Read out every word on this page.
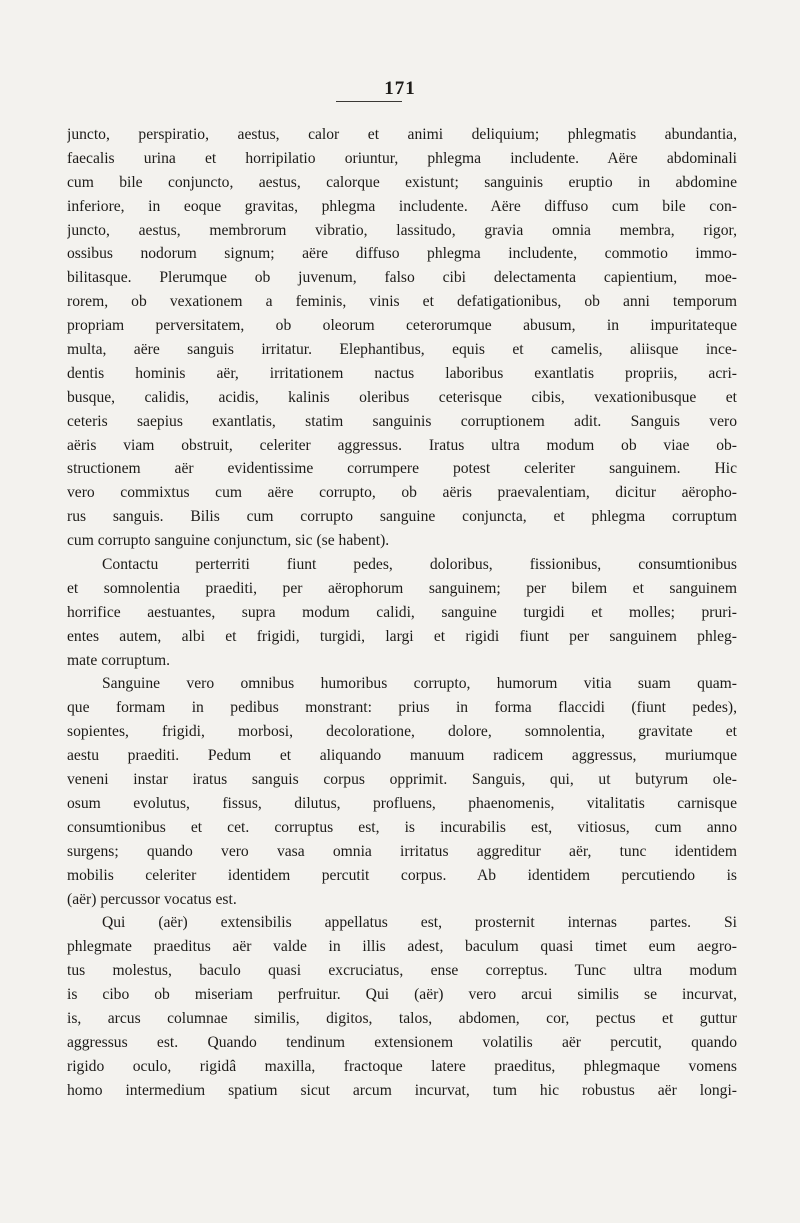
171
juncto, perspiratio, aestus, calor et animi deliquium; phlegmatis abundantia,
faecalis urina et horripilatio oriuntur, phlegma includente. Aëre abdominali
cum bile conjuncto, aestus, calorque existunt; sanguinis eruptio in abdomine
inferiore, in eoque gravitas, phlegma includente. Aëre diffuso cum bile con-
juncto, aestus, membrorum vibratio, lassitudo, gravia omnia membra, rigor,
ossibus nodorum signum; aëre diffuso phlegma includente, commotio immo-
bilitasque. Plerumque ob juvenum, falso cibi delectamenta capientium, moe-
rorem, ob vexationem a feminis, vinis et defatigationibus, ob anni temporum
propriam perversitatem, ob oleorum ceterorumque abusum, in impuritateque
multa, aëre sanguis irritatur. Elephantibus, equis et camelis, aliisque ince-
dentis hominis aër, irritationem nactus laboribus exantlatis propriis, acri-
busque, calidis, acidis, kalinis oleribus ceterisque cibis, vexationibusque et
ceteris saepius exantlatis, statim sanguinis corruptionem adit. Sanguis vero
aëris viam obstruit, celeriter aggressus. Iratus ultra modum ob viae ob-
structionem aër evidentissime corrumpere potest celeriter sanguinem. Hic
vero commixtus cum aëre corrupto, ob aëris praevalentiam, dicitur aëropho-
rus sanguis. Bilis cum corrupto sanguine conjuncta, et phlegma corruptum
cum corrupto sanguine conjunctum, sic (se habent).
Contactu perterriti fiunt pedes, doloribus, fissionibus, consumtionibus
et somnolentia praediti, per aërophorum sanguinem; per bilem et sanguinem
horrifice aestuantes, supra modum calidi, sanguine turgidi et molles; pruri-
entes autem, albi et frigidi, turgidi, largi et rigidi fiunt per sanguinem phleg-
mate corruptum.
Sanguine vero omnibus humoribus corrupto, humorum vitia suam quam-
que formam in pedibus monstrant: prius in forma flaccidi (fiunt pedes),
sopientes, frigidi, morbosi, decoloratione, dolore, somnolentia, gravitate et
aestu praediti. Pedum et aliquando manuum radicem aggressus, muriumque
veneni instar iratus sanguis corpus opprimit. Sanguis, qui, ut butyrum ole-
osum evolutus, fissus, dilutus, profluens, phaenomenis, vitalitatis carnisque
consumtionibus et cet. corruptus est, is incurabilis est, vitiosus, cum anno
surgens; quando vero vasa omnia irritatus aggreditur aër, tunc identidem
mobilis celeriter identidem percutit corpus. Ab identidem percutiendo is
(aër) percussor vocatus est.
Qui (aër) extensibilis appellatus est, prosternit internas partes. Si
phlegmate praeditus aër valde in illis adest, baculum quasi timet eum aegro-
tus molestus, baculo quasi excruciatus, ense correptus. Tunc ultra modum
is cibo ob miseriam perfruitur. Qui (aër) vero arcui similis se incurvat,
is, arcus columnae similis, digitos, talos, abdomen, cor, pectus et guttur
aggressus est. Quando tendinum extensionem volatilis aër percutit, quando
rigido oculo, rigidâ maxilla, fractoque latere praeditus, phlegmaque vomens
homo intermedium spatium sicut arcum incurvat, tum hic robustus aër longi-
